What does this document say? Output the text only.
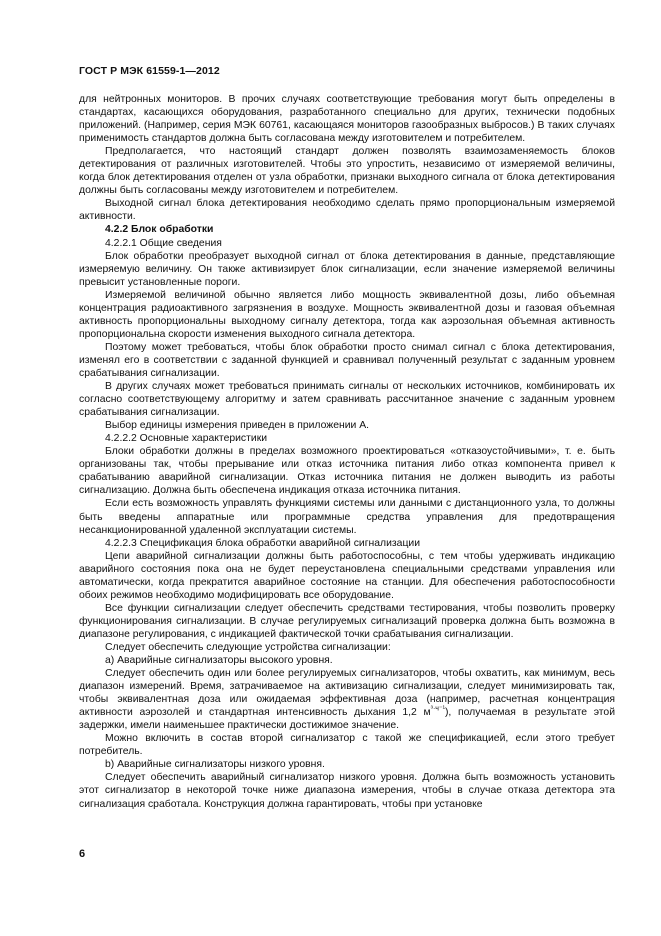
ГОСТ Р МЭК 61559-1—2012

для нейтронных мониторов. В прочих случаях соответствующие требования могут быть определены в стандартах, касающихся оборудования, разработанного специально для других, технически подобных приложений. (Например, серия МЭК 60761, касающаяся мониторов газообразных выбросов.) В таких случаях применимость стандартов должна быть согласована между изготовителем и потребителем.

Предполагается, что настоящий стандарт должен позволять взаимозаменяемость блоков детектирования от различных изготовителей. Чтобы это упростить, независимо от измеряемой величины, когда блок детектирования отделен от узла обработки, признаки выходного сигнала от блока детектирования должны быть согласованы между изготовителем и потребителем.

Выходной сигнал блока детектирования необходимо сделать прямо пропорциональным измеряемой активности.

4.2.2 Блок обработки

4.2.2.1 Общие сведения

Блок обработки преобразует выходной сигнал от блока детектирования в данные, представляющие измеряемую величину. Он также активизирует блок сигнализации, если значение измеряемой величины превысит установленные пороги.

Измеряемой величиной обычно является либо мощность эквивалентной дозы, либо объемная концентрация радиоактивного загрязнения в воздухе. Мощность эквивалентной дозы и газовая объемная активность пропорциональны выходному сигналу детектора, тогда как аэрозольная объемная активность пропорциональна скорости изменения выходного сигнала детектора.

Поэтому может требоваться, чтобы блок обработки просто снимал сигнал с блока детектирования, изменял его в соответствии с заданной функцией и сравнивал полученный результат с заданным уровнем срабатывания сигнализации.

В других случаях может требоваться принимать сигналы от нескольких источников, комбинировать их согласно соответствующему алгоритму и затем сравнивать рассчитанное значение с заданным уровнем срабатывания сигнализации.

Выбор единицы измерения приведен в приложении А.

4.2.2.2 Основные характеристики

Блоки обработки должны в пределах возможного проектироваться «отказоустойчивыми», т. е. быть организованы так, чтобы прерывание или отказ источника питания либо отказ компонента привел к срабатыванию аварийной сигнализации. Отказ источника питания не должен выводить из работы сигнализацию. Должна быть обеспечена индикация отказа источника питания.

Если есть возможность управлять функциями системы или данными с дистанционного узла, то должны быть введены аппаратные или программные средства управления для предотвращения несанкционированной удаленной эксплуатации системы.

4.2.2.3 Спецификация блока обработки аварийной сигнализации

Цепи аварийной сигнализации должны быть работоспособны, с тем чтобы удерживать индикацию аварийного состояния пока она не будет переустановлена специальными средствами управления или автоматически, когда прекратится аварийное состояние на станции. Для обеспечения работоспособности обоих режимов необходимо модифицировать все оборудование.

Все функции сигнализации следует обеспечить средствами тестирования, чтобы позволить проверку функционирования сигнализации. В случае регулируемых сигнализаций проверка должна быть возможна в диапазоне регулирования, с индикацией фактической точки срабатывания сигнализации.

Следует обеспечить следующие устройства сигнализации:

а) Аварийные сигнализаторы высокого уровня.

Следует обеспечить один или более регулируемых сигнализаторов, чтобы охватить, как минимум, весь диапазон измерений. Время, затрачиваемое на активизацию сигнализации, следует минимизировать так, чтобы эквивалентная доза или ожидаемая эффективная доза (например, расчетная концентрация активности аэрозолей и стандартная интенсивность дыхания 1,2 $м^{^3\cdot ч^{-1}}$), получаемая в результате этой задержки, имели наименьшее практически достижимое значение.

Можно включить в состав второй сигнализатор с такой же спецификацией, если этого требует потребитель.

b) Аварийные сигнализаторы низкого уровня.

Следует обеспечить аварийный сигнализатор низкого уровня. Должна быть возможность установить этот сигнализатор в некоторой точке ниже диапазона измерения, чтобы в случае отказа детектора эта сигнализация сработала. Конструкция должна гарантировать, чтобы при установке

6
